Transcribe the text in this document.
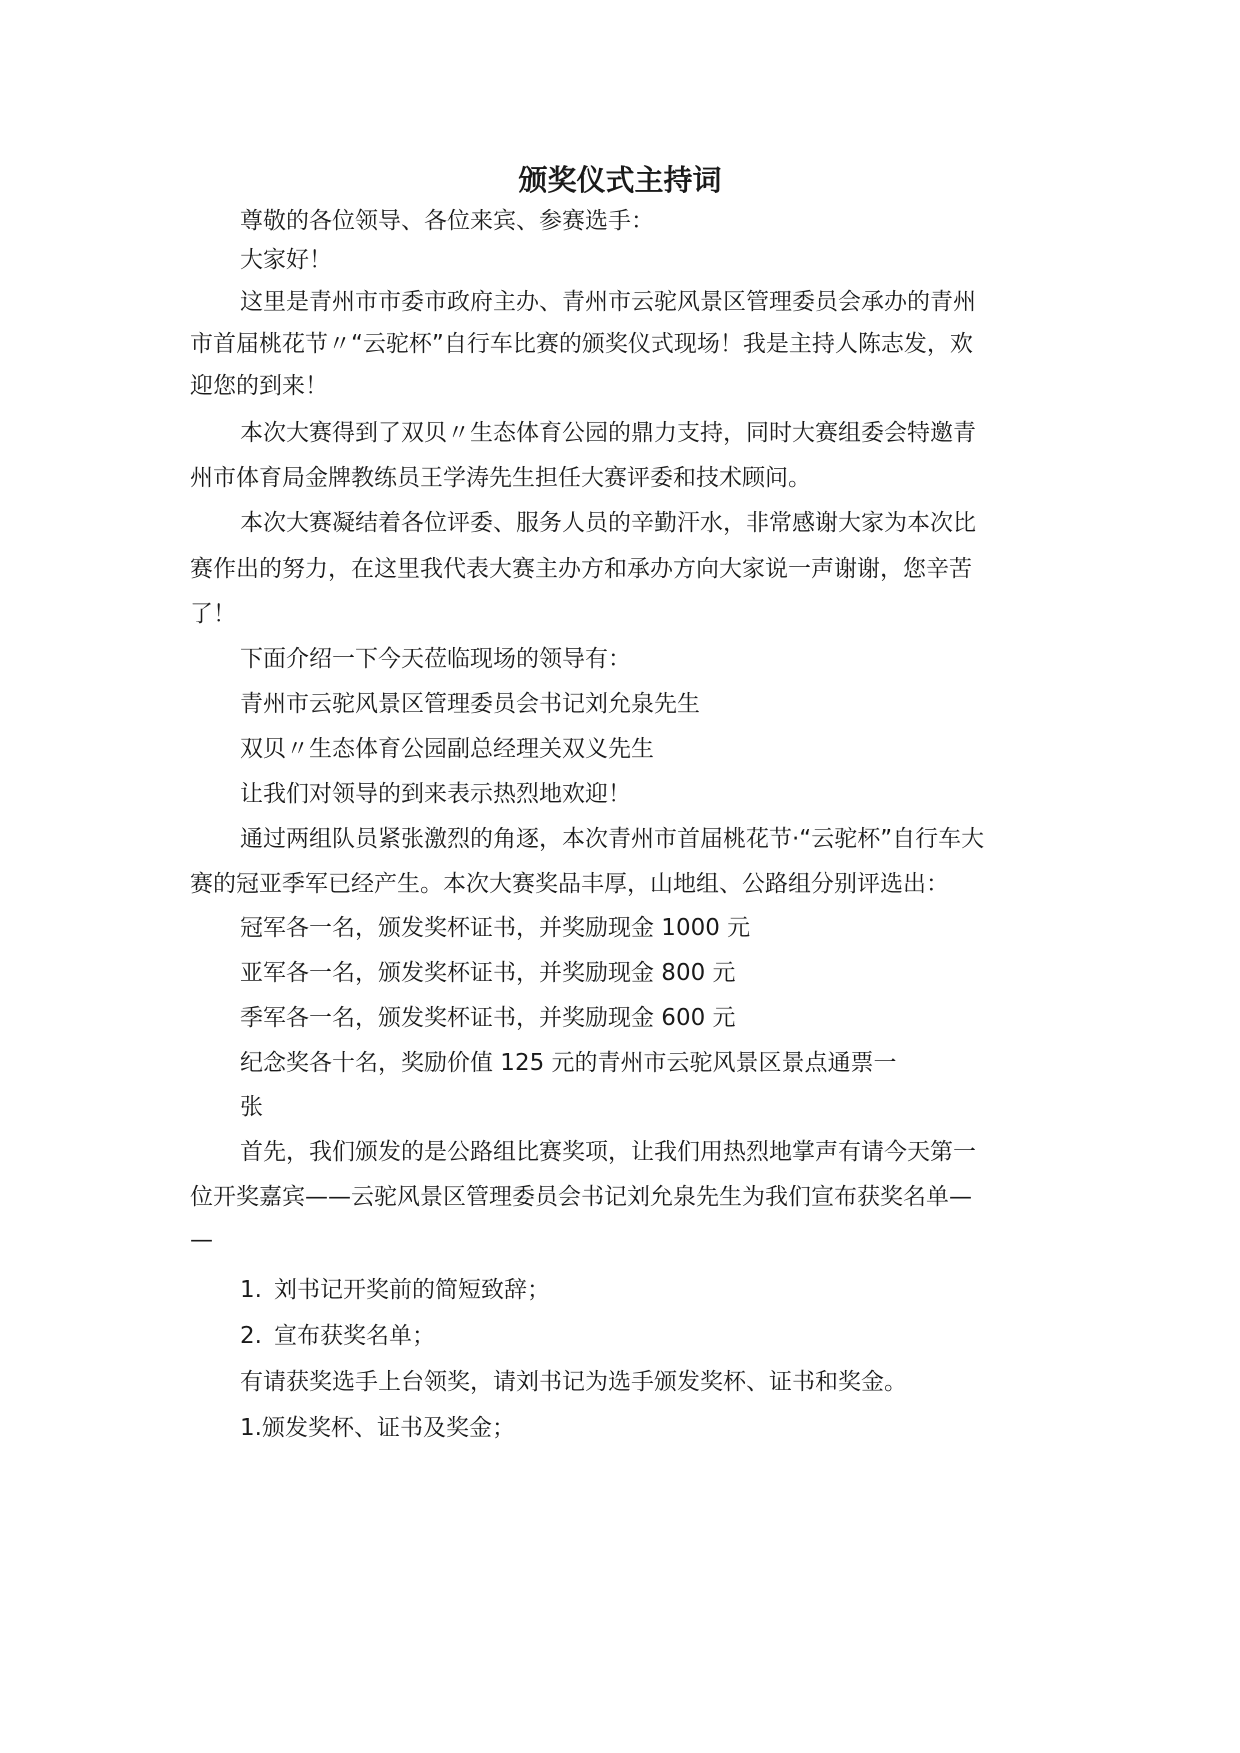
颁奖仪式主持词

尊敬的各位领导、各位来宾、参赛选手：

大家好！

这里是青州市市委市政府主办、青州市云驼风景区管理委员会承办的青州

市首届桃花节〃“云驼杯”自行车比赛的颁奖仪式现场！我是主持人陈志发，欢

迎您的到来！

本次大赛得到了双贝〃生态体育公园的鼎力支持，同时大赛组委会特邀青

州市体育局金牌教练员王学涛先生担任大赛评委和技术顾问。

本次大赛凝结着各位评委、服务人员的辛勤汗水，非常感谢大家为本次比

赛作出的努力，在这里我代表大赛主办方和承办方向大家说一声谢谢，您辛苦

了！

下面介绍一下今天莅临现场的领导有：

青州市云驼风景区管理委员会书记刘允泉先生

双贝〃生态体育公园副总经理关双义先生

让我们对领导的到来表示热烈地欢迎！

通过两组队员紧张激烈的角逐，本次青州市首届桃花节·“云驼杯”自行车大

赛的冠亚季军已经产生。本次大赛奖品丰厚，山地组、公路组分别评选出：

冠军各一名，颁发奖杯证书，并奖励现金 1000 元

亚军各一名，颁发奖杯证书，并奖励现金 800 元

季军各一名，颁发奖杯证书，并奖励现金 600 元

纪念奖各十名，奖励价值 125 元的青州市云驼风景区景点通票一

张

首先，我们颁发的是公路组比赛奖项，让我们用热烈地掌声有请今天第一

位开奖嘉宾——云驼风景区管理委员会书记刘允泉先生为我们宣布获奖名单—

—

1. 刘书记开奖前的简短致辞；

2. 宣布获奖名单；

有请获奖选手上台领奖，请刘书记为选手颁发奖杯、证书和奖金。

1.颁发奖杯、证书及奖金；
